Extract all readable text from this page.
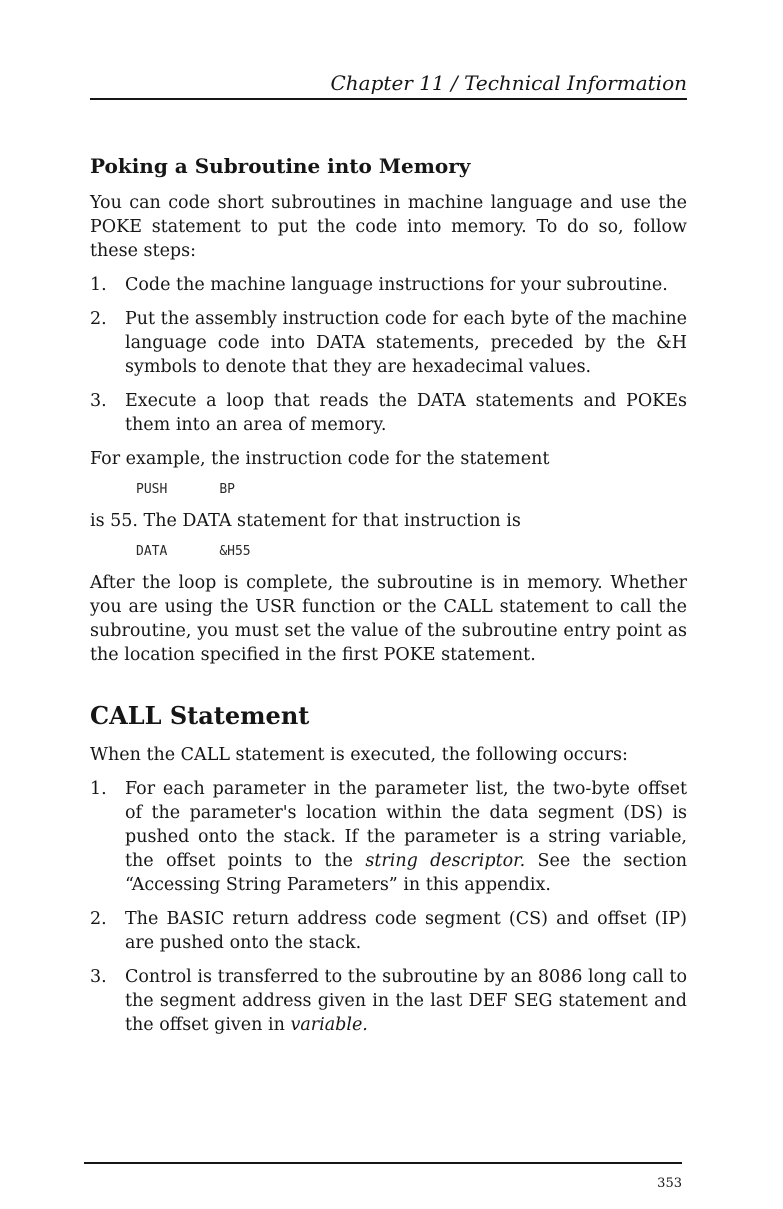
Chapter 11 / Technical Information
Poking a Subroutine into Memory

You can code short subroutines in machine language and use the POKE statement to put the code into memory. To do so, follow these steps:

1.	Code the machine language instructions for your subroutine.
2.	Put the assembly instruction code for each byte of the machine language code into DATA statements, preceded by the &H symbols to denote that they are hexadecimal values.
3.	Execute a loop that reads the DATA statements and POKEs them into an area of memory.

For example, the instruction code for the statement

PUSH	BP

is 55. The DATA statement for that instruction is

DATA	&H55

After the loop is complete, the subroutine is in memory. Whether you are using the USR function or the CALL statement to call the subroutine, you must set the value of the subroutine entry point as the location specified in the first POKE statement.

CALL Statement

When the CALL statement is executed, the following occurs:

1.	For each parameter in the parameter list, the two-byte offset of the parameter's location within the data segment (DS) is pushed onto the stack. If the parameter is a string variable, the offset points to the string descriptor. See the section “Accessing String Parameters” in this appendix.
2.	The BASIC return address code segment (CS) and offset (IP) are pushed onto the stack.
3.	Control is transferred to the subroutine by an 8086 long call to the segment address given in the last DEF SEG statement and the offset given in variable.
353
